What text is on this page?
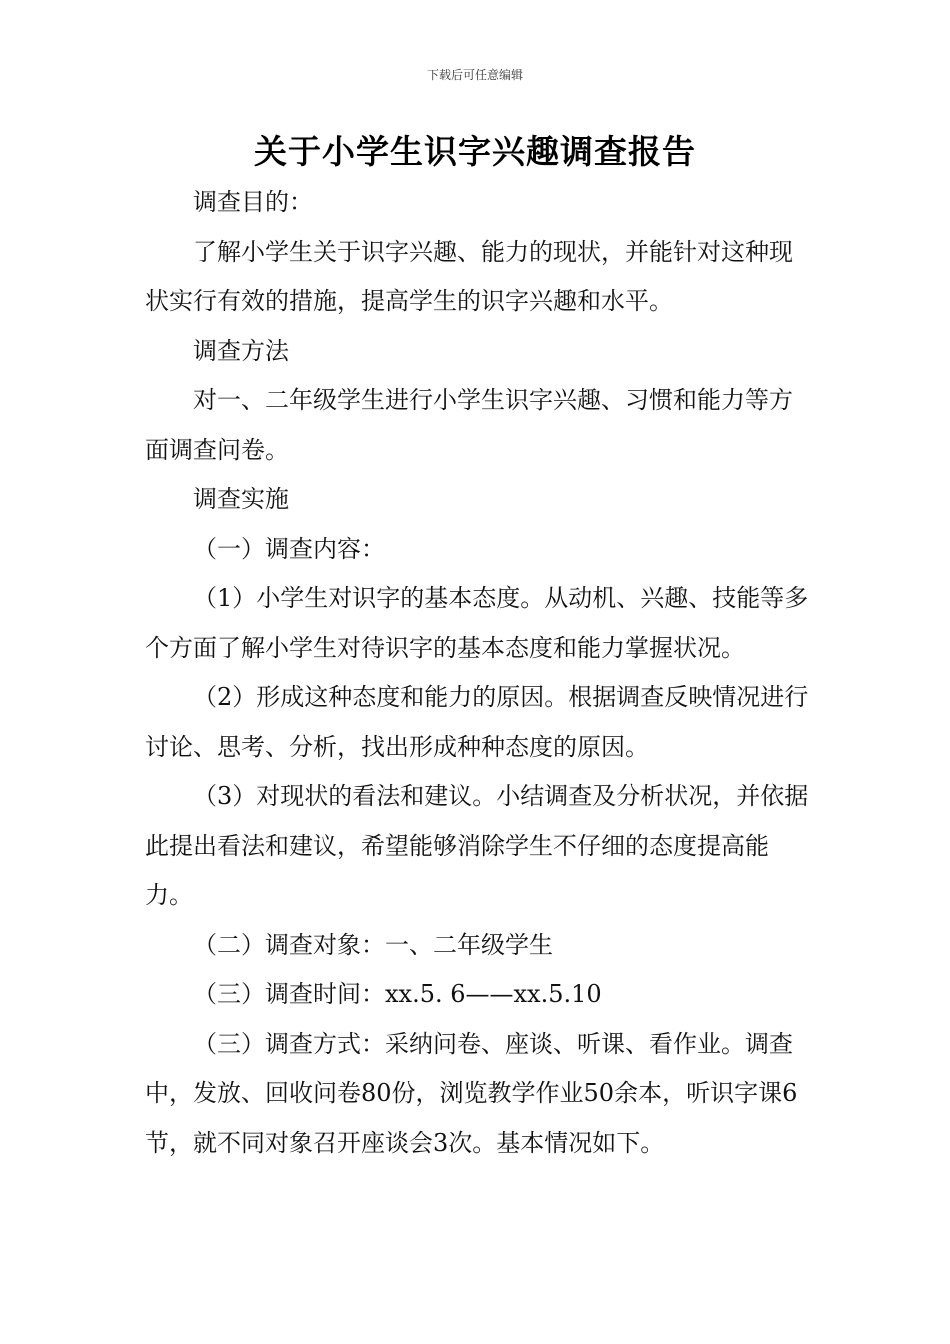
下载后可任意编辑
关于小学生识字兴趣调查报告

调查目的：

了解小学生关于识字兴趣、能力的现状，并能针对这种现状实行有效的措施，提高学生的识字兴趣和水平。

调查方法

对一、二年级学生进行小学生识字兴趣、习惯和能力等方面调查问卷。

调查实施

（一）调查内容：

（1）小学生对识字的基本态度。从动机、兴趣、技能等多个方面了解小学生对待识字的基本态度和能力掌握状况。

（2）形成这种态度和能力的原因。根据调查反映情况进行讨论、思考、分析，找出形成种种态度的原因。

（3）对现状的看法和建议。小结调查及分析状况，并依据此提出看法和建议，希望能够消除学生不仔细的态度提高能力。

（二）调查对象：一、二年级学生

（三）调查时间：xx.5. 6——xx.5.10

（三）调查方式：采纳问卷、座谈、听课、看作业。调查中，发放、回收问卷80份，浏览教学作业50余本，听识字课6节，就不同对象召开座谈会3次。基本情况如下。
